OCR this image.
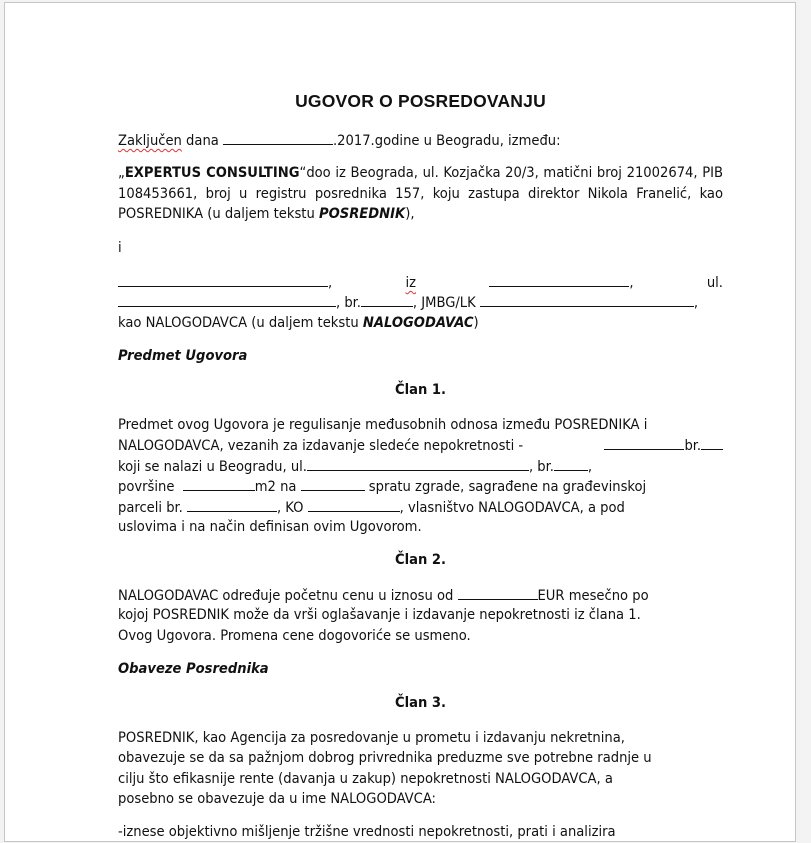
UGOVOR O POSREDOVANJU

Zaključen dana	.2017.godine u Beogradu, između:

„EXPERTUS CONSULTING“doo iz Beograda, ul. Kozjačka 20/3, matični broj 21002674, PIB 108453661, broj u registru posrednika 157, koju zastupa direktor Nikola Franelić, kao POSREDNIKA (u daljem tekstu POSREDNIK),

i

,	iz	,	ul.

, br.	, JMBG/LK	,

kao NALOGODAVCA (u daljem tekstu NALOGODAVAC)

Predmet Ugovora

Član 1.

Predmet ovog Ugovora je regulisanje međusobnih odnosa između POSREDNIKA i

NALOGODAVCA, vezanih za izdavanje sledeće nepokretnosti -	br.

koji se nalazi u Beogradu, ul.	, br. ,

površine	m2 na	spratu zgrade, sagrađene na građevinskoj

parceli br.	, KO	, vlasništvo NALOGODAVCA, a pod

uslovima i na način definisan ovim Ugovorom.

Član 2.

NALOGODAVAC određuje početnu cenu u iznosu od	EUR mesečno po

kojoj POSREDNIK može da vrši oglašavanje i izdavanje nepokretnosti iz člana 1.

Ovog Ugovora. Promena cene dogovoriće se usmeno.

Obaveze Posrednika

Član 3.

POSREDNIK, kao Agencija za posredovanje u prometu i izdavanju nekretnina,

obavezuje se da sa pažnjom dobrog privrednika preduzme sve potrebne radnje u

cilju što efikasnije rente (davanja u zakup) nepokretnosti NALOGODAVCA, a

posebno se obavezuje da u ime NALOGODAVCA:

-iznese objektivno mišljenje tržišne vrednosti nepokretnosti, prati i analizira
